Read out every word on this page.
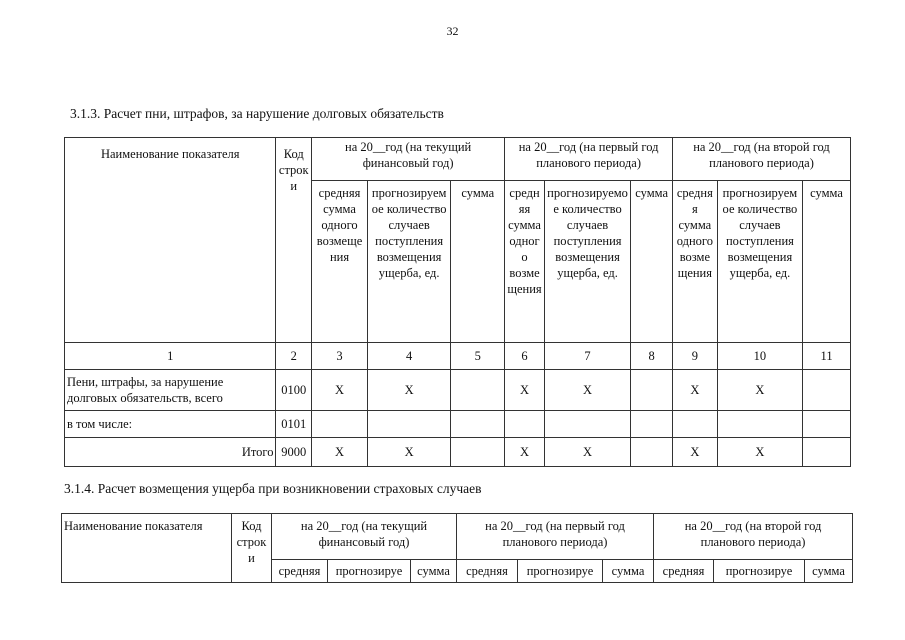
32
3.1.3. Расчет пни, штрафов, за нарушение долговых обязательств
Наименование показателя	Код строки	на 20__год (на текущий финансовый год)			на 20__год (на первый год планового периода)			на 20__год (на второй год планового периода)		
		средняя сумма одного возмещения	прогнозируемое количество случаев поступления возмещения ущерба, ед.	сумма	средняя сумма одного возмещения	прогнозируемое количество случаев поступления возмещения ущерба, ед.	сумма	средняя сумма одного возмещения	прогнозируемое количество случаев поступления возмещения ущерба, ед.	сумма
1	2	3	4	5	6	7	8	9	10	11
Пени, штрафы, за нарушение долговых обязательств, всего	0100	X	X		X	X		X	X	
в том числе:	0101									
Итого	9000	X	X		X	X		X	X	
3.1.4. Расчет возмещения ущерба при возникновении страховых случаев
Наименование показателя	Код строки	на 20__год (на текущий финансовый год)			на 20__год (на первый год планового периода)			на 20__год (на второй год планового периода)		
		средняя	прогнозируе	сумма	средняя	прогнозируе	сумма	средняя	прогнозируе	сумма
